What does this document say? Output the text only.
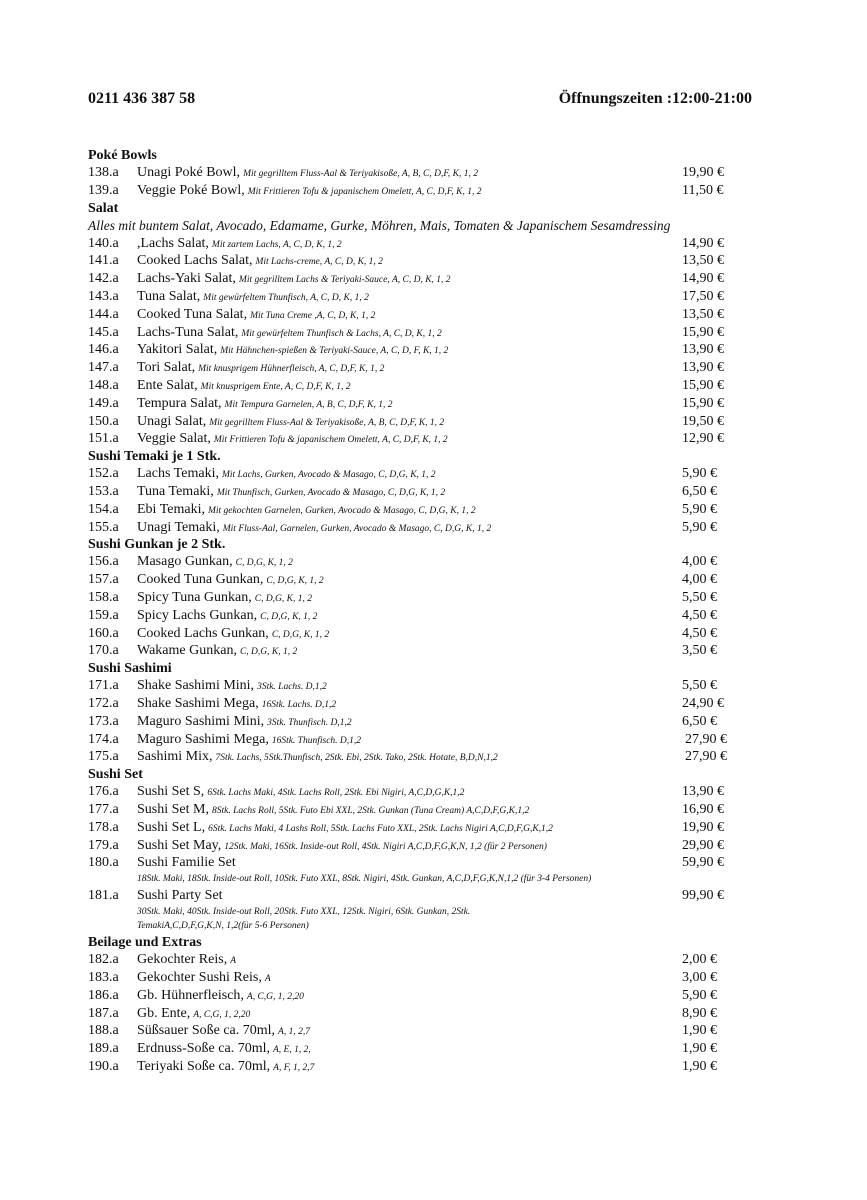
0211 436 387 58	Öffnungszeiten :12:00-21:00
Poké Bowls
138.a Unagi Poké Bowl, Mit gegrilltem Fluss-Aal & Teriyakisoße, A, B, C, D,F, K, 1, 2	19,90 €
139.a Veggie Poké Bowl, Mit Frittieren Tofu & japanischem Omelett, A, C, D,F, K, 1, 2	11,50 €
Salat
Alles mit buntem Salat, Avocado, Edamame, Gurke, Möhren, Mais, Tomaten & Japanischem Sesamdressing
140.a ,Lachs Salat, Mit zartem Lachs, A, C, D, K, 1, 2	14,90 €
141.a Cooked Lachs Salat, Mit Lachs-creme, A, C, D, K, 1, 2	13,50 €
142.a Lachs-Yaki Salat, Mit gegrilltem Lachs & Teriyaki-Sauce, A, C, D, K, 1, 2	14,90 €
143.a Tuna Salat, Mit gewürfeltem Thunfisch, A, C, D, K, 1, 2	17,50 €
144.a Cooked Tuna Salat, Mit Tuna Creme ,A, C, D, K, 1, 2	13,50 €
145.a Lachs-Tuna Salat, Mit gewürfeltem Thunfisch & Lachs, A, C, D, K, 1, 2	15,90 €
146.a Yakitori Salat, Mit Hähnchen-spießen & Teriyaki-Sauce, A, C, D, F, K, 1, 2	13,90 €
147.a Tori Salat, Mit knusprigem Hühnerfleisch, A, C, D,F, K, 1, 2	13,90 €
148.a Ente Salat, Mit knusprigem Ente, A, C, D,F, K, 1, 2	15,90 €
149.a Tempura Salat, Mit Tempura Garnelen, A, B, C, D,F, K, 1, 2	15,90 €
150.a Unagi Salat, Mit gegrilltem Fluss-Aal & Teriyakisoße, A, B, C, D,F, K, 1, 2	19,50 €
151.a Veggie Salat, Mit Frittieren Tofu & japanischem Omelett, A, C, D,F, K, 1, 2	12,90 €
Sushi Temaki je 1 Stk.
152.a Lachs Temaki, Mit Lachs, Gurken, Avocado & Masago, C, D,G, K, 1, 2	5,90 €
153.a Tuna Temaki, Mit Thunfisch, Gurken, Avocado & Masago, C, D,G, K, 1, 2	6,50 €
154.a Ebi Temaki, Mit gekochten Garnelen, Gurken, Avocado & Masago, C, D,G, K, 1, 2	5,90 €
155.a Unagi Temaki, Mit Fluss-Aal, Garnelen, Gurken, Avocado & Masago, C, D,G, K, 1, 2	5,90 €
Sushi Gunkan je 2 Stk.
156.a Masago Gunkan, C, D,G, K, 1, 2	4,00 €
157.a Cooked Tuna Gunkan, C, D,G, K, 1, 2	4,00 €
158.a Spicy Tuna Gunkan, C, D,G, K, 1, 2	5,50 €
159.a Spicy Lachs Gunkan, C, D,G, K, 1, 2	4,50 €
160.a Cooked Lachs Gunkan, C, D,G, K, 1, 2	4,50 €
170.a Wakame Gunkan, C, D,G, K, 1, 2	3,50 €
Sushi Sashimi
171.a Shake Sashimi Mini, 3Stk. Lachs. D,1,2	5,50 €
172.a Shake Sashimi Mega, 16Stk. Lachs. D,1,2	24,90 €
173.a Maguro Sashimi Mini, 3Stk. Thunfisch. D,1,2	6,50 €
174.a Maguro Sashimi Mega, 16Stk. Thunfisch. D,1,2	27,90 €
175.a Sashimi Mix, 7Stk. Lachs, 5Stk.Thunfisch, 2Stk. Ebi, 2Stk. Tako, 2Stk. Hotate, B,D,N,1,2	27,90 €
Sushi Set
176.a Sushi Set S, 6Stk. Lachs Maki, 4Stk. Lachs Roll, 2Stk. Ebi Nigiri, A,C,D,G,K,1,2	13,90 €
177.a Sushi Set M, 8Stk. Lachs Roll, 5Stk. Futo Ebi XXL, 2Stk. Gunkan (Tuna Cream) A,C,D,F,G,K,1,2	16,90 €
178.a Sushi Set L, 6Stk. Lachs Maki, 4 Lashs Roll, 5Stk. Lachs Futo XXL, 2Stk. Lachs Nigiri A,C,D,F,G,K,1,2	19,90 €
179.a Sushi Set May, 12Stk. Maki, 16Stk. Inside-out Roll, 4Stk. Nigiri A,C,D,F,G,K,N, 1,2 (für 2 Personen)	29,90 €
180.a Sushi Familie Set	59,90 €
18Stk. Maki, 18Stk. Inside-out Roll, 10Stk. Futo XXL, 8Stk. Nigiri, 4Stk. Gunkan, A,C,D,F,G,K,N,1,2 (für 3-4 Personen)
181.a Sushi Party Set	99,90 €
30Stk. Maki, 40Stk. Inside-out Roll, 20Stk. Futo XXL, 12Stk. Nigiri, 6Stk. Gunkan, 2Stk. TemakiA,C,D,F,G,K,N, 1,2(für 5-6 Personen)
Beilage und Extras
182.a Gekochter Reis, A	2,00 €
183.a Gekochter Sushi Reis, A	3,00 €
186.a Gb. Hühnerfleisch, A, C,G, 1, 2,20	5,90 €
187.a Gb. Ente, A, C,G, 1, 2,20	8,90 €
188.a Süßsauer Soße ca. 70ml, A, 1, 2,7	1,90 €
189.a Erdnuss-Soße ca. 70ml, A, E, 1, 2,	1,90 €
190.a Teriyaki Soße ca. 70ml, A, F, 1, 2,7	1,90 €
